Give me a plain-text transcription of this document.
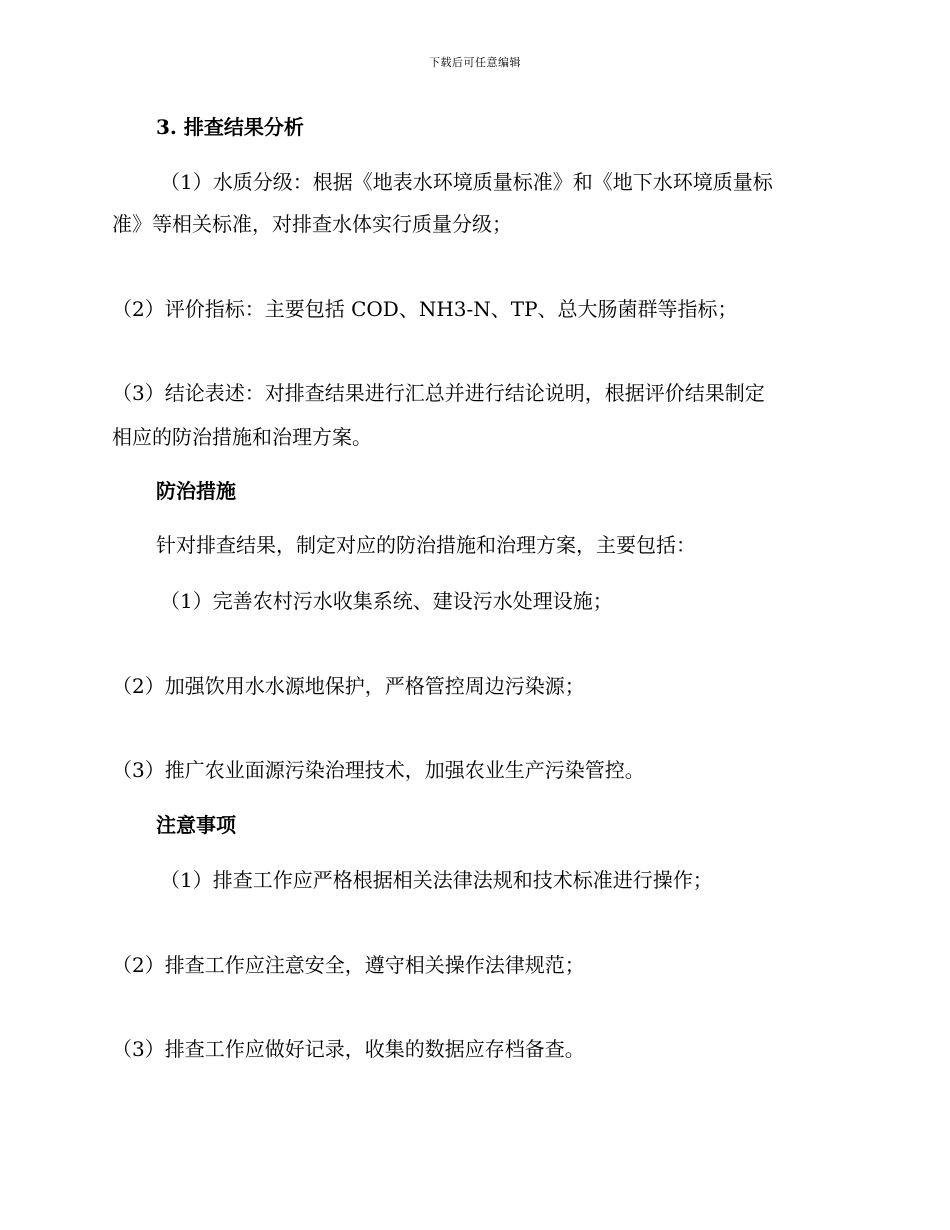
下载后可任意编辑
3. 排查结果分析
（1）水质分级：根据《地表水环境质量标准》和《地下水环境质量标
准》等相关标准，对排查水体实行质量分级；
（2）评价指标：主要包括 COD、NH3-N、TP、总大肠菌群等指标；
（3）结论表述：对排查结果进行汇总并进行结论说明，根据评价结果制定
相应的防治措施和治理方案。
防治措施
针对排查结果，制定对应的防治措施和治理方案，主要包括：
（1）完善农村污水收集系统、建设污水处理设施；
（2）加强饮用水水源地保护，严格管控周边污染源；
（3）推广农业面源污染治理技术，加强农业生产污染管控。
注意事项
（1）排查工作应严格根据相关法律法规和技术标准进行操作；
（2）排查工作应注意安全，遵守相关操作法律规范；
（3）排查工作应做好记录，收集的数据应存档备查。
